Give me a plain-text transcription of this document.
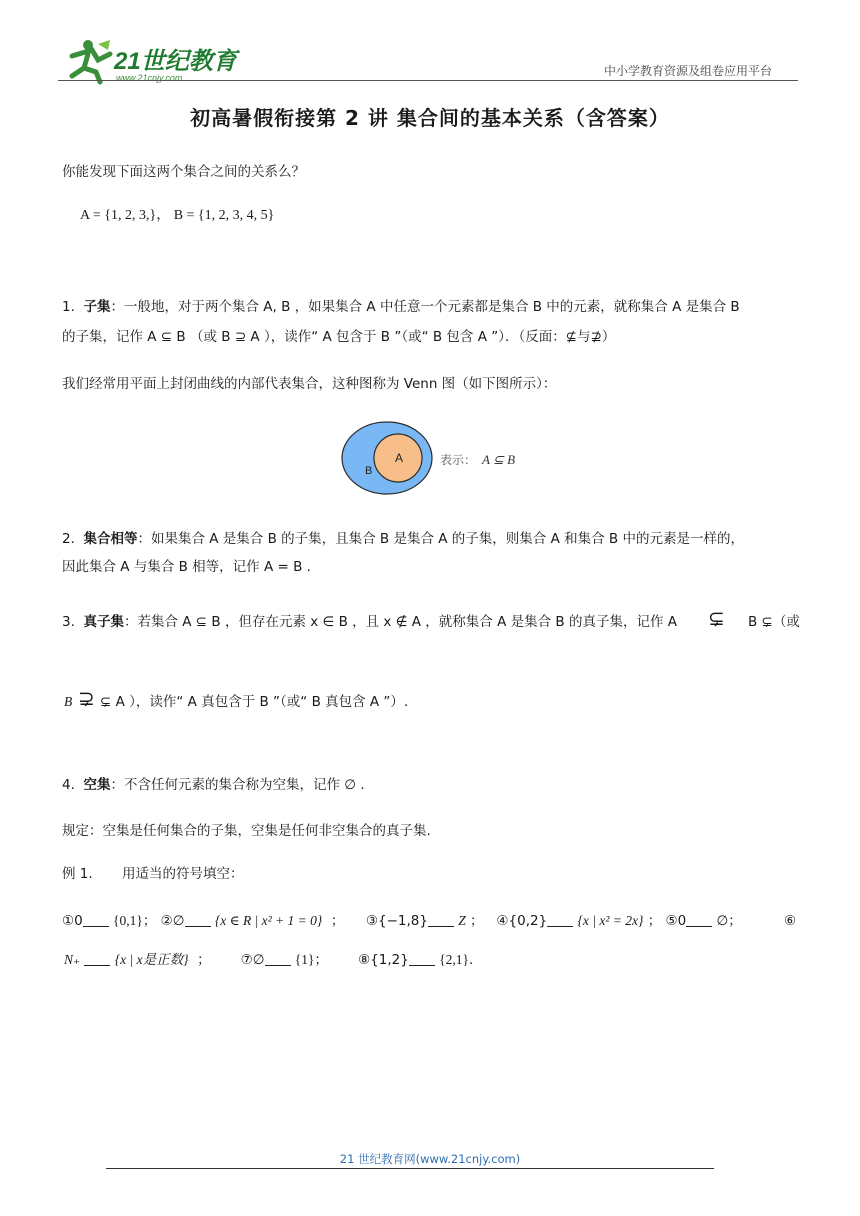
21世纪教育
www.21cnjy.com	中小学教育资源及组卷应用平台
初高暑假衔接第 2 讲 集合间的基本关系（含答案）
你能发现下面这两个集合之间的关系么？
A = {1, 2, 3,}， B = {1, 2, 3, 4, 5}
1. 子集：一般地，对于两个集合 A, B ，如果集合 A 中任意一个元素都是集合 B 中的元素，就称集合 A 是集合 B
的子集，记作 A ⊆ B （或 B ⊇ A ），读作“ A 包含于 B ”（或“ B 包含 A ”）．（反面：⊈与⊉）
我们经常用平面上封闭曲线的内部代表集合，这种图称为 Venn 图（如下图所示）：
A
B
表示： A ⊆ B
2. 集合相等：如果集合 A 是集合 B 的子集，且集合 B 是集合 A 的子集，则集合 A 和集合 B 中的元素是一样的，
因此集合 A 与集合 B 相等，记作 A = B .
3. 真子集：若集合 A ⊆ B ，但存在元素 x ∈ B ，且 x ∉ A ，就称集合 A 是集合 B 的真子集，记作 A ⊊ B ⊊（或
B ⊋ ⊊ A ），读作“ A 真包含于 B ”（或“ B 真包含 A ”）.
4. 空集：不含任何元素的集合称为空集，记作 ∅ .
规定：空集是任何集合的子集，空集是任何非空集合的真子集.
例 1. 用适当的符号填空：
①0 {0,1}； ②∅ {x ∈ R | x² + 1 = 0} ； ③{−1,8} Z ； ④{0,2} {x | x² = 2x} ； ⑤0 ∅；	⑥
N₊	{x | x是正数} ； ⑦∅ {1}； ⑧{1,2} {2,1}.
21 世纪教育网(www.21cnjy.com)
